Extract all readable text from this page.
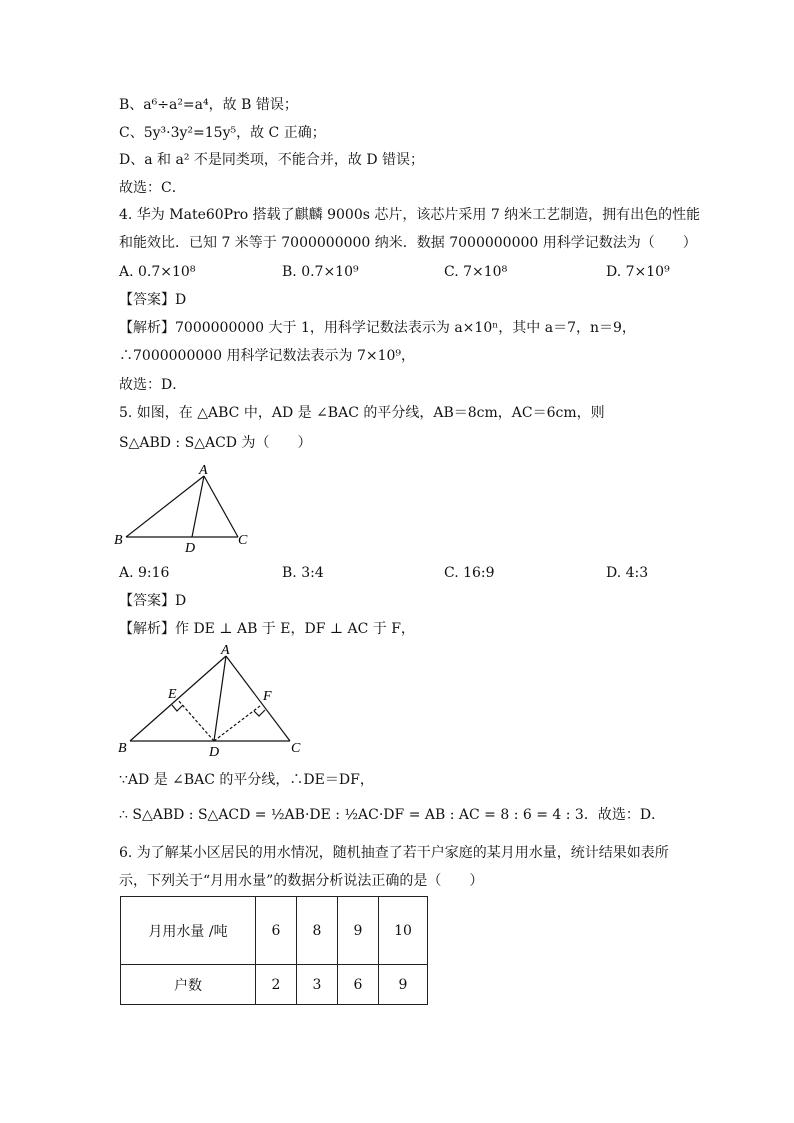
B、a⁶÷a²=a⁴，故 B 错误；
C、5y³·3y²=15y⁵，故 C 正确；
D、a 和 a² 不是同类项，不能合并，故 D 错误；
故选：C．
4. 华为 Mate60Pro 搭载了麒麟 9000s 芯片，该芯片采用 7 纳米工艺制造，拥有出色的性能
和能效比．已知 7 米等于 7000000000 纳米．数据 7000000000 用科学记数法为（　　）
A. 0.7×10⁸	B. 0.7×10⁹	C. 7×10⁸	D. 7×10⁹
【答案】D
【解析】7000000000 大于 1，用科学记数法表示为 a×10ⁿ，其中 a＝7，n＝9，
∴7000000000 用科学记数法表示为 7×10⁹，
故选：D．
5. 如图，在 △ABC 中，AD 是 ∠BAC 的平分线，AB＝8cm，AC＝6cm，则
S△ABD : S△ACD 为（　　）
A
B
D
C
A. 9:16	B. 3:4	C. 16:9	D. 4:3
【答案】D
【解析】作 DE ⊥ AB 于 E，DF ⊥ AC 于 F，
A
E	F
B	D	C
∵AD 是 ∠BAC 的平分线，∴DE＝DF，
∴ S△ABD : S△ACD = ½AB·DE : ½AC·DF = AB : AC = 8 : 6 = 4 : 3．故选：D．
6. 为了解某小区居民的用水情况，随机抽查了若干户家庭的某月用水量，统计结果如表所
示，下列关于“月用水量”的数据分析说法正确的是（　　）
月用水量 /吨	6	8	9	10
户数	2	3	6	9
